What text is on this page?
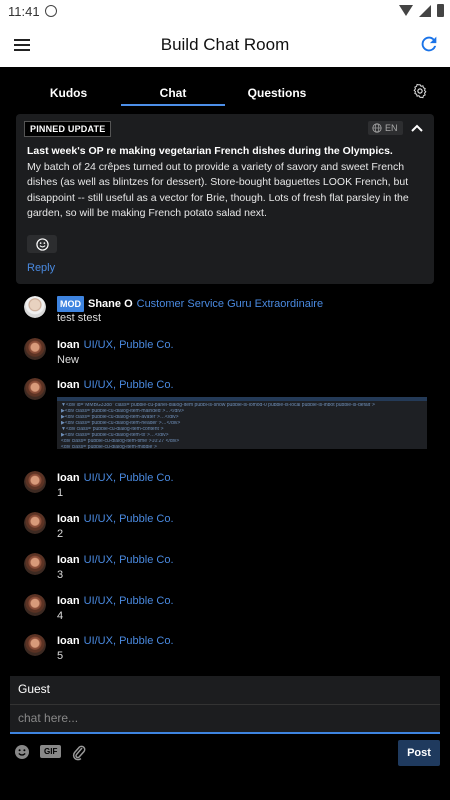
11:41
Build Chat Room
Kudos	Chat	Questions
PINNED UPDATE	EN
Last week's OP re making vegetarian French dishes during the Olympics.
My batch of 24 crêpes turned out to provide a variety of savory and sweet French dishes (as well as blintzes for dessert). Store-bought baguettes LOOK French, but disappoint -- still useful as a vector for Brie, though. Lots of fresh flat parsley in the garden, so will be making French potato salad next.
Reply
MOD Shane O Customer Service Guru Extraordinaire
test stest
Ioan UI/UX, Pubble Co.
New
Ioan UI/UX, Pubble Co.
▼<div id="MMBG3388" class="pubble-cu-panel-dialog-item pubbl-is-show pubble-is-lomod-0 pubble-is-local pubble-is-inbot pubble-is-defalt">
▶<div class="pubble-cu-dialog-item-mainded">…</div>
▶<div class="pubble-cu-dialog-item-avater">…</div>
▶<div class="pubble-cu-dialog-item-header">…</div>
▼<div class="pubble-cu-dialog-item-content">
▶<div class="pubble-cu-dialog-item-tx">…</div>
<div class="pubble-cu-dialog-item-time">10:27 </div>
<div class="pubble-cu-dialog-item-middle">
Ioan UI/UX, Pubble Co.
1
Ioan UI/UX, Pubble Co.
2
Ioan UI/UX, Pubble Co.
3
Ioan UI/UX, Pubble Co.
4
Ioan UI/UX, Pubble Co.
5
Guest
chat here...
GIF	Post
